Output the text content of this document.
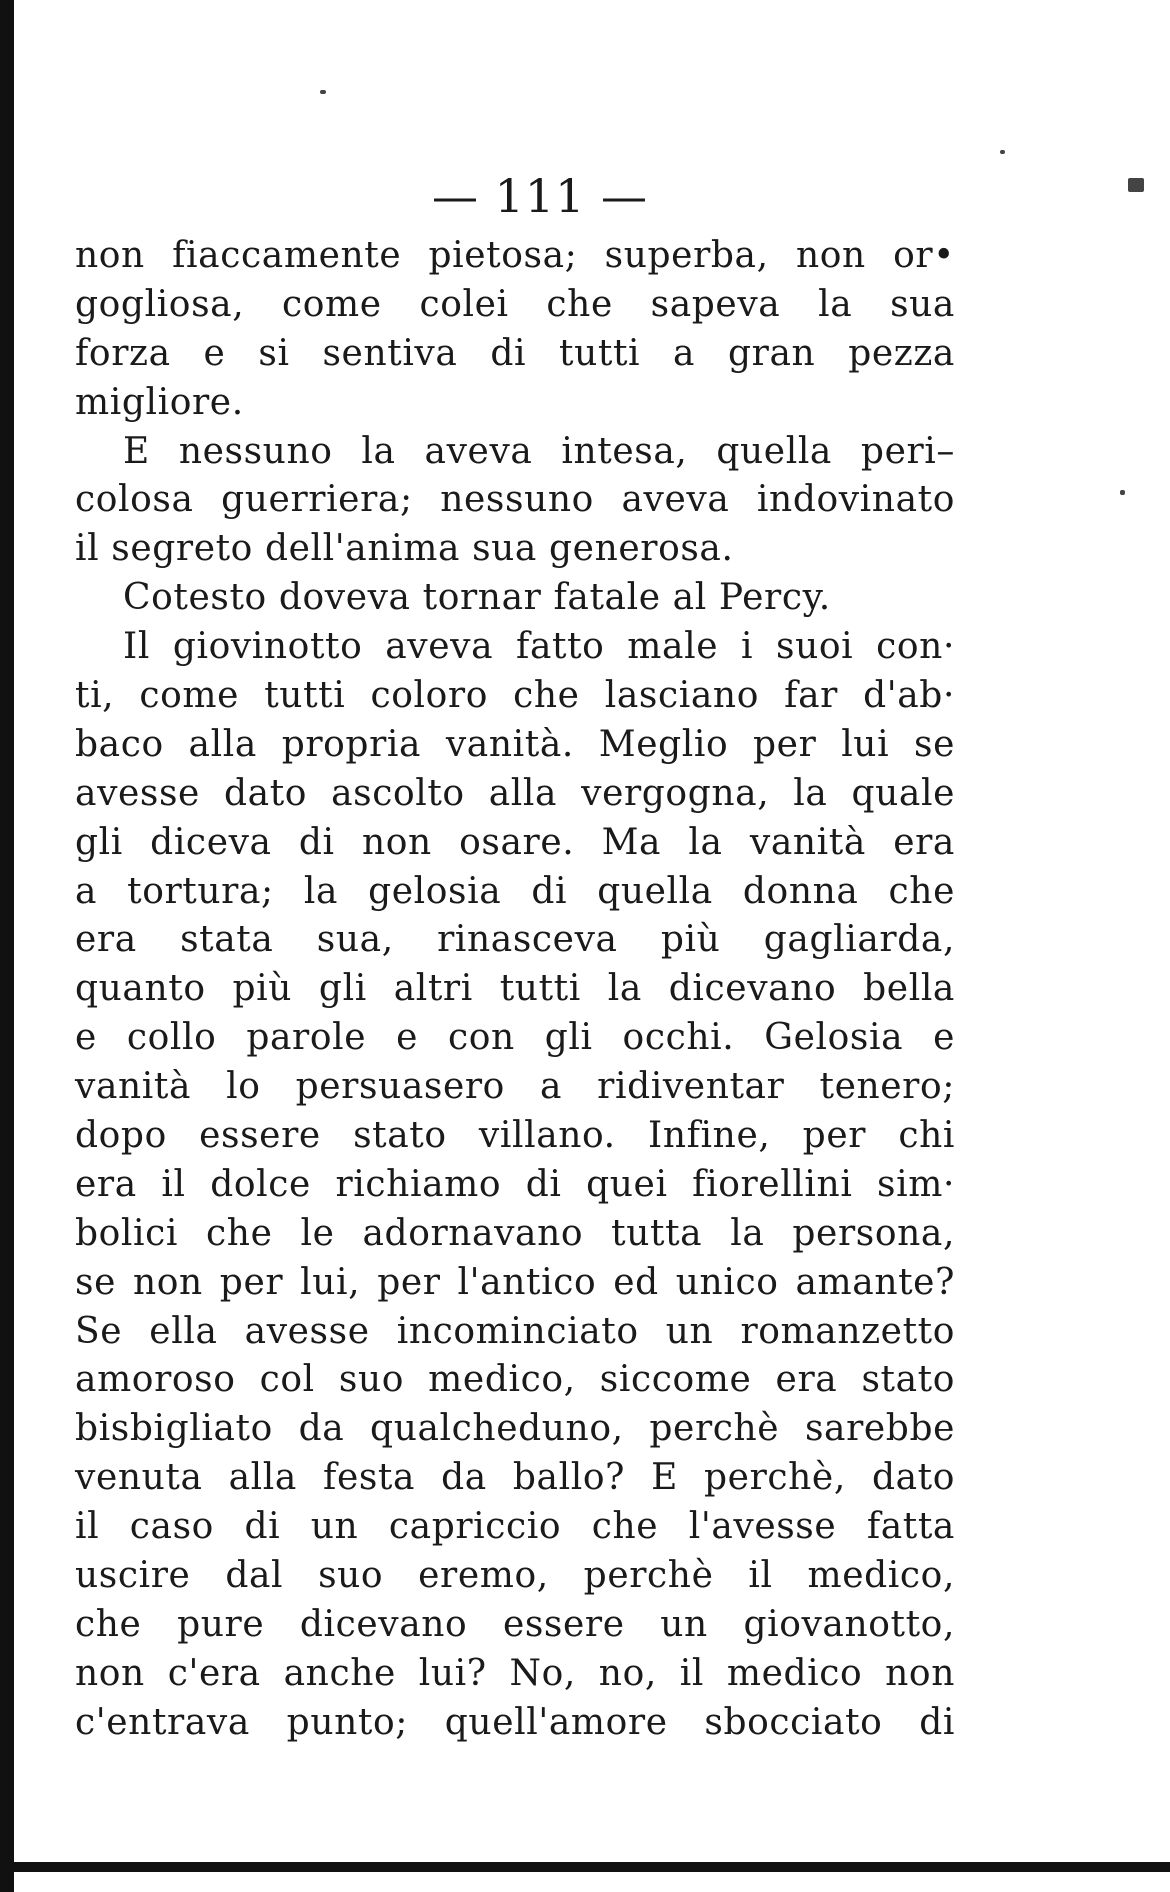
— 111 —
non fiaccamente pietosa; superba, non or•
gogliosa, come colei che sapeva la sua
forza e si sentiva di tutti a gran pezza
migliore.
E nessuno la aveva intesa, quella peri–
colosa guerriera; nessuno aveva indovinato
il segreto dell'anima sua generosa.
Cotesto doveva tornar fatale al Percy.
Il giovinotto aveva fatto male i suoi con·
ti, come tutti coloro che lasciano far d'ab·
baco alla propria vanità. Meglio per lui se
avesse dato ascolto alla vergogna, la quale
gli diceva di non osare. Ma la vanità era
a tortura; la gelosia di quella donna che
era stata sua, rinasceva più gagliarda,
quanto più gli altri tutti la dicevano bella
e collo parole e con gli occhi. Gelosia e
vanità lo persuasero a ridiventar tenero;
dopo essere stato villano. Infine, per chi
era il dolce richiamo di quei fiorellini sim·
bolici che le adornavano tutta la persona,
se non per lui, per l'antico ed unico amante?
Se ella avesse incominciato un romanzetto
amoroso col suo medico, siccome era stato
bisbigliato da qualcheduno, perchè sarebbe
venuta alla festa da ballo? E perchè, dato
il caso di un capriccio che l'avesse fatta
uscire dal suo eremo, perchè il medico,
che pure dicevano essere un giovanotto,
non c'era anche lui? No, no, il medico non
c'entrava punto; quell'amore sbocciato di
